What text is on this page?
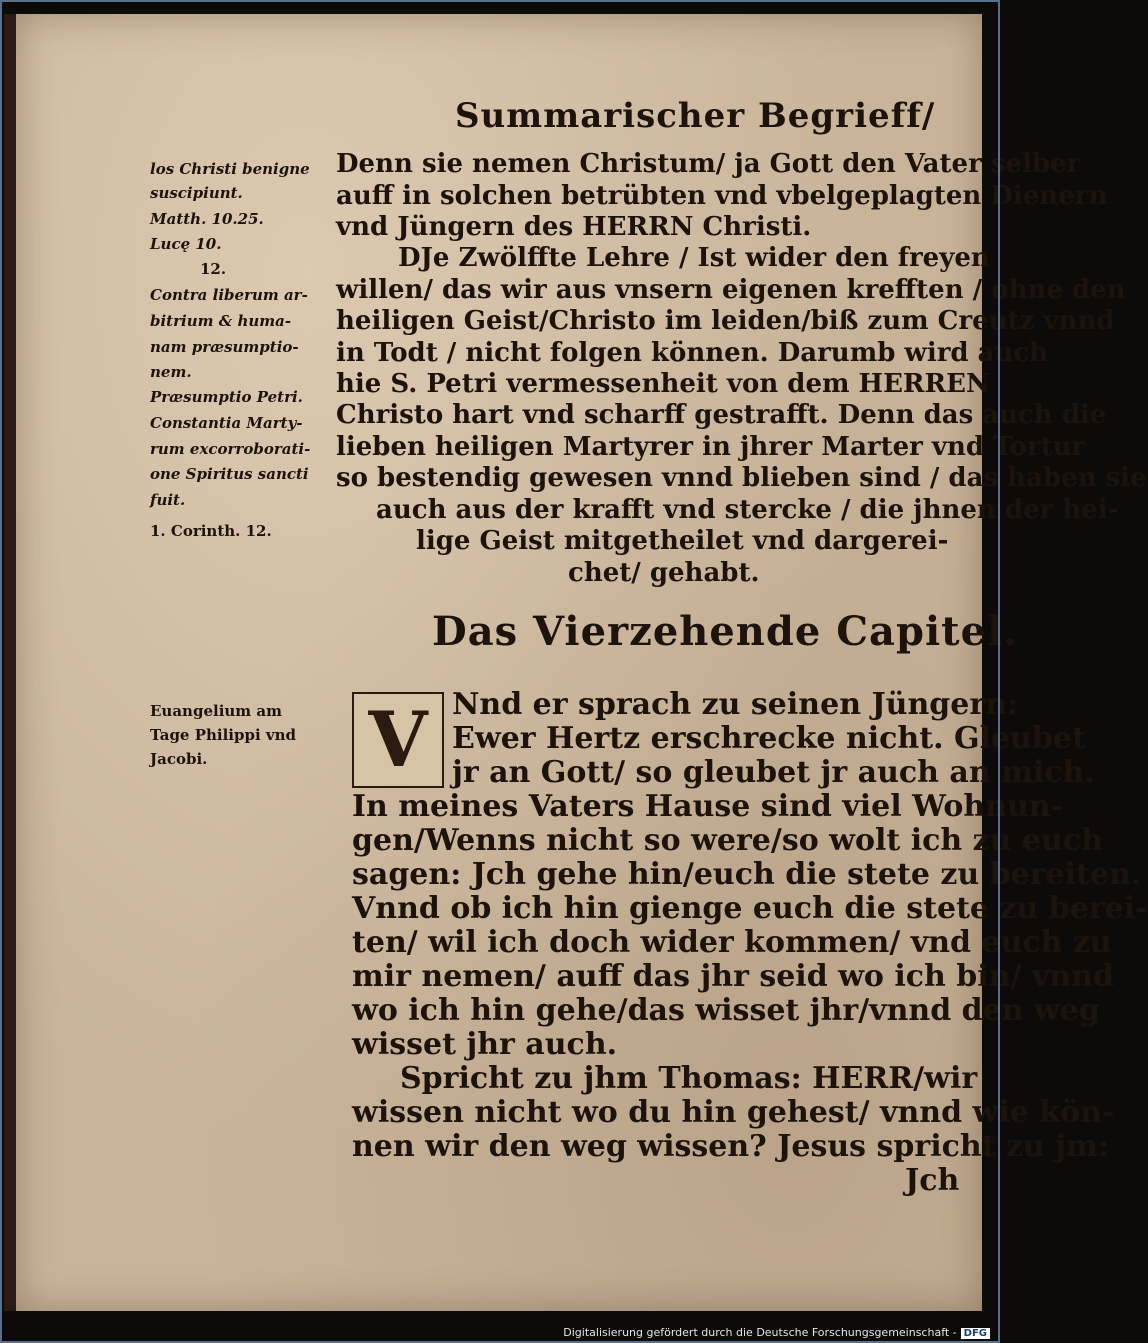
Summarischer Begrieff/
Denn sie nemen Christum/ ja Gott den Vater selber
auff in solchen betrübten vnd vbelgeplagten Dienern
vnd Jüngern des HERRN Christi.
DJe Zwölffte Lehre / Ist wider den freyen
willen/ das wir aus vnsern eigenen krefften / ohne den
heiligen Geist/Christo im leiden/biß zum Creutz vnnd
in Todt / nicht folgen können. Darumb wird auch
hie S. Petri vermessenheit von dem HERREN
Christo hart vnd scharff gestrafft. Denn das auch die
lieben heiligen Martyrer in jhrer Marter vnd Tortur
so bestendig gewesen vnnd blieben sind / das haben sie
auch aus der krafft vnd stercke / die jhnen der hei-
lige Geist mitgetheilet vnd dargerei-
chet/ gehabt.
los Christi benigne
suscipiunt.
Matth. 10.25.
Lucę 10.
12.
Contra liberum ar-
bitrium & huma-
nam præsumptio-
nem.
Præsumptio Petri.
Constantia Marty-
rum excorroborati-
one Spiritus sancti
fuit.
1. Corinth. 12.
Das Vierzehende Capitel.
Euangelium am
Tage Philippi vnd
Jacobi. V Nnd er sprach zu seinen Jüngern:
Ewer Hertz erschrecke nicht. Gleubet
jr an Gott/ so gleubet jr auch an mich.
In meines Vaters Hause sind viel Wohnun-
gen/Wenns nicht so were/so wolt ich zu euch
sagen: Jch gehe hin/euch die stete zu bereiten.
Vnnd ob ich hin gienge euch die stete zu berei-
ten/ wil ich doch wider kommen/ vnd euch zu
mir nemen/ auff das jhr seid wo ich bin/ vnnd
wo ich hin gehe/das wisset jhr/vnnd den weg
wisset jhr auch.
Spricht zu jhm Thomas: HERR/wir
wissen nicht wo du hin gehest/ vnnd wie kön-
nen wir den weg wissen? Jesus spricht zu jm:
Jch
Digitalisierung gefördert durch die Deutsche Forschungsgemeinschaft - DFG
